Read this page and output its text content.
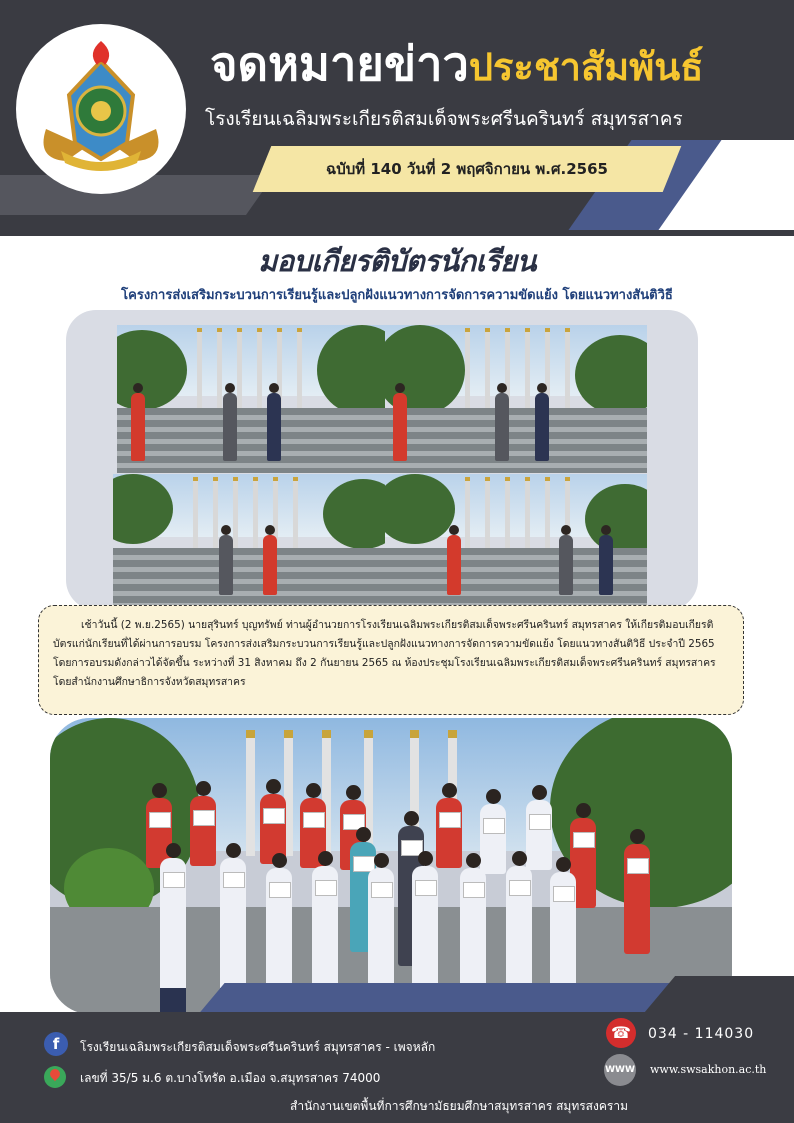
จดหมายข่าวประชาสัมพันธ์
โรงเรียนเฉลิมพระเกียรติสมเด็จพระศรีนครินทร์ สมุทรสาคร
ฉบับที่ 140 วันที่ 2 พฤศจิกายน พ.ศ.2565
มอบเกียรติบัตรนักเรียน
โครงการส่งเสริมกระบวนการเรียนรู้และปลูกฝังแนวทางการจัดการความขัดแย้ง โดยแนวทางสันติวิธี

เช้าวันนี้ (2 พ.ย.2565) นายสุรินทร์ บุญทรัพย์ ท่านผู้อำนวยการโรงเรียนเฉลิมพระเกียรติสมเด็จพระศรีนครินทร์ สมุทรสาคร ให้เกียรติมอบเกียรติบัตรแก่นักเรียนที่ได้ผ่านการอบรม โครงการส่งเสริมกระบวนการเรียนรู้และปลูกฝังแนวทางการจัดการความขัดแย้ง โดยแนวทางสันติวิธี ประจำปี 2565 โดยการอบรมดังกล่าวได้จัดขึ้น ระหว่างที่ 31 สิงหาคม ถึง 2 กันยายน 2565 ณ ห้องประชุมโรงเรียนเฉลิมพระเกียรติสมเด็จพระศรีนครินทร์ สมุทรสาคร โดยสำนักงานศึกษาธิการจังหวัดสมุทรสาคร

f	โรงเรียนเฉลิมพระเกียรติสมเด็จพระศรีนครินทร์ สมุทรสาคร - เพจหลัก
เลขที่ 35/5 ม.6 ต.บางโทรัด อ.เมือง จ.สมุทรสาคร 74000
☎	034 - 114030
WWW www.swsakhon.ac.th
สำนักงานเขตพื้นที่การศึกษามัธยมศึกษาสมุทรสาคร สมุทรสงคราม
